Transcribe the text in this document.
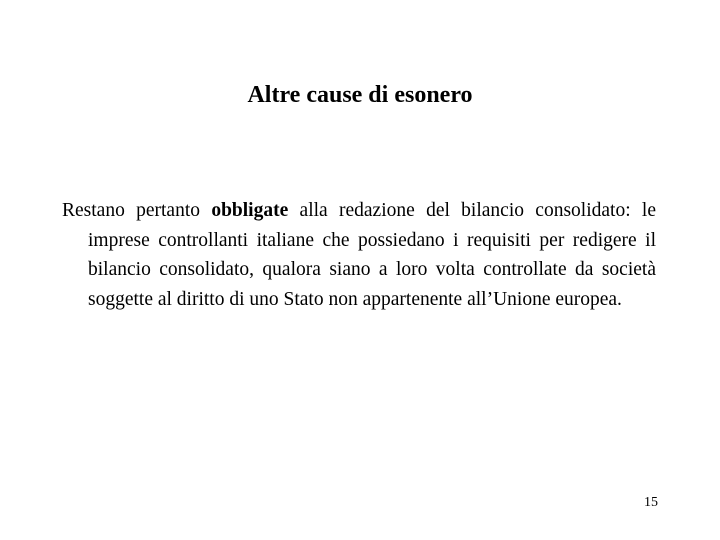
Altre cause di esonero
Restano pertanto obbligate alla redazione del bilancio consolidato: le imprese controllanti italiane che possiedano i requisiti per redigere il bilancio consolidato, qualora siano a loro volta controllate da società soggette al diritto di uno Stato non appartenente all’Unione europea.
15
